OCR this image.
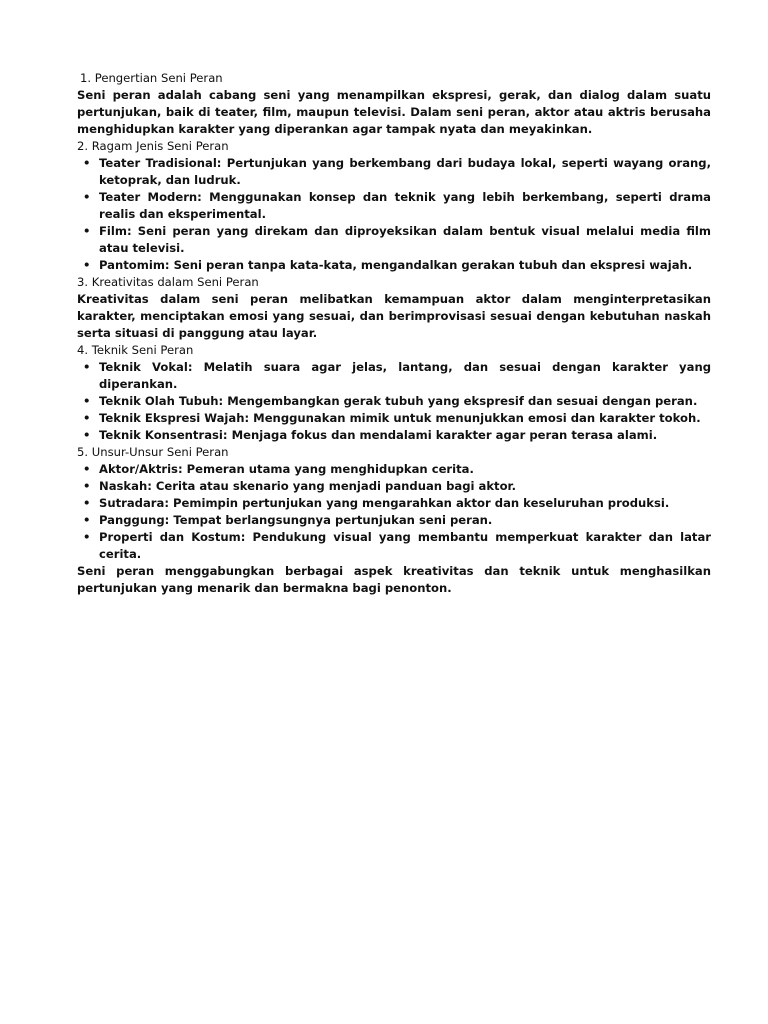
1. Pengertian Seni Peran

Seni peran adalah cabang seni yang menampilkan ekspresi, gerak, dan dialog dalam suatu pertunjukan, baik di teater, film, maupun televisi. Dalam seni peran, aktor atau aktris berusaha menghidupkan karakter yang diperankan agar tampak nyata dan meyakinkan.

2. Ragam Jenis Seni Peran
• Teater Tradisional: Pertunjukan yang berkembang dari budaya lokal, seperti wayang orang, ketoprak, dan ludruk.
• Teater Modern: Menggunakan konsep dan teknik yang lebih berkembang, seperti drama realis dan eksperimental.
• Film: Seni peran yang direkam dan diproyeksikan dalam bentuk visual melalui media film atau televisi.
• Pantomim: Seni peran tanpa kata-kata, mengandalkan gerakan tubuh dan ekspresi wajah.
3. Kreativitas dalam Seni Peran

Kreativitas dalam seni peran melibatkan kemampuan aktor dalam menginterpretasikan karakter, menciptakan emosi yang sesuai, dan berimprovisasi sesuai dengan kebutuhan naskah serta situasi di panggung atau layar.

4. Teknik Seni Peran
• Teknik Vokal: Melatih suara agar jelas, lantang, dan sesuai dengan karakter yang diperankan.
• Teknik Olah Tubuh: Mengembangkan gerak tubuh yang ekspresif dan sesuai dengan peran.
• Teknik Ekspresi Wajah: Menggunakan mimik untuk menunjukkan emosi dan karakter tokoh.
• Teknik Konsentrasi: Menjaga fokus dan mendalami karakter agar peran terasa alami.
5. Unsur-Unsur Seni Peran
• Aktor/Aktris: Pemeran utama yang menghidupkan cerita.
• Naskah: Cerita atau skenario yang menjadi panduan bagi aktor.
• Sutradara: Pemimpin pertunjukan yang mengarahkan aktor dan keseluruhan produksi.
• Panggung: Tempat berlangsungnya pertunjukan seni peran.
• Properti dan Kostum: Pendukung visual yang membantu memperkuat karakter dan latar cerita.

Seni peran menggabungkan berbagai aspek kreativitas dan teknik untuk menghasilkan pertunjukan yang menarik dan bermakna bagi penonton.
